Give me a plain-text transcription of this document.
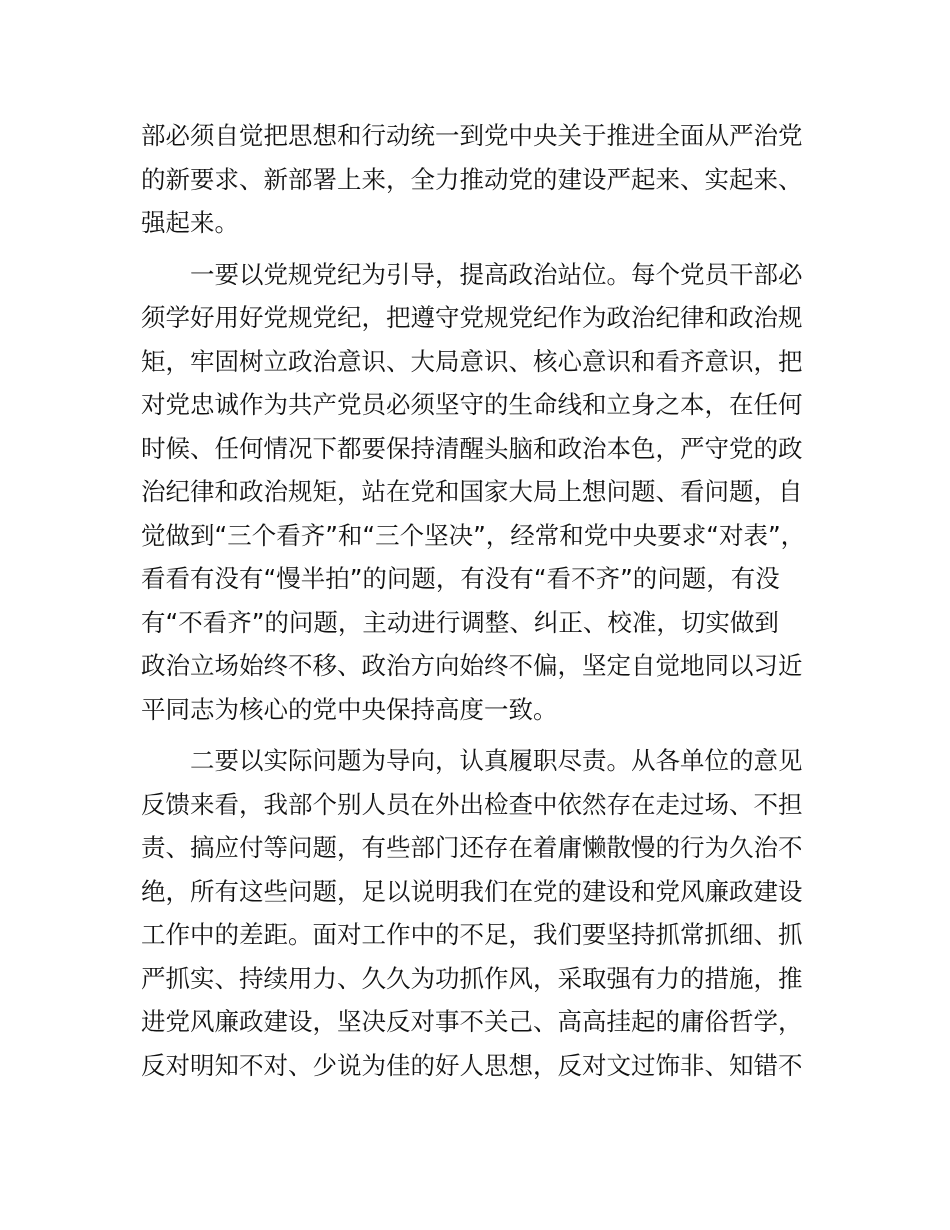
部必须自觉把思想和行动统一到党中央关于推进全面从严治党
的新要求、新部署上来，全力推动党的建设严起来、实起来、
强起来。
一要以党规党纪为引导，提高政治站位。每个党员干部必
须学好用好党规党纪，把遵守党规党纪作为政治纪律和政治规
矩，牢固树立政治意识、大局意识、核心意识和看齐意识，把
对党忠诚作为共产党员必须坚守的生命线和立身之本，在任何
时候、任何情况下都要保持清醒头脑和政治本色，严守党的政
治纪律和政治规矩，站在党和国家大局上想问题、看问题，自
觉做到“三个看齐”和“三个坚决”，经常和党中央要求“对表”，
看看有没有“慢半拍”的问题，有没有“看不齐”的问题，有没
有“不看齐”的问题，主动进行调整、纠正、校准，切实做到
政治立场始终不移、政治方向始终不偏，坚定自觉地同以习近
平同志为核心的党中央保持高度一致。
二要以实际问题为导向，认真履职尽责。从各单位的意见
反馈来看，我部个别人员在外出检查中依然存在走过场、不担
责、搞应付等问题，有些部门还存在着庸懒散慢的行为久治不
绝，所有这些问题，足以说明我们在党的建设和党风廉政建设
工作中的差距。面对工作中的不足，我们要坚持抓常抓细、抓
严抓实、持续用力、久久为功抓作风，采取强有力的措施，推
进党风廉政建设，坚决反对事不关己、高高挂起的庸俗哲学，
反对明知不对、少说为佳的好人思想，反对文过饰非、知错不
